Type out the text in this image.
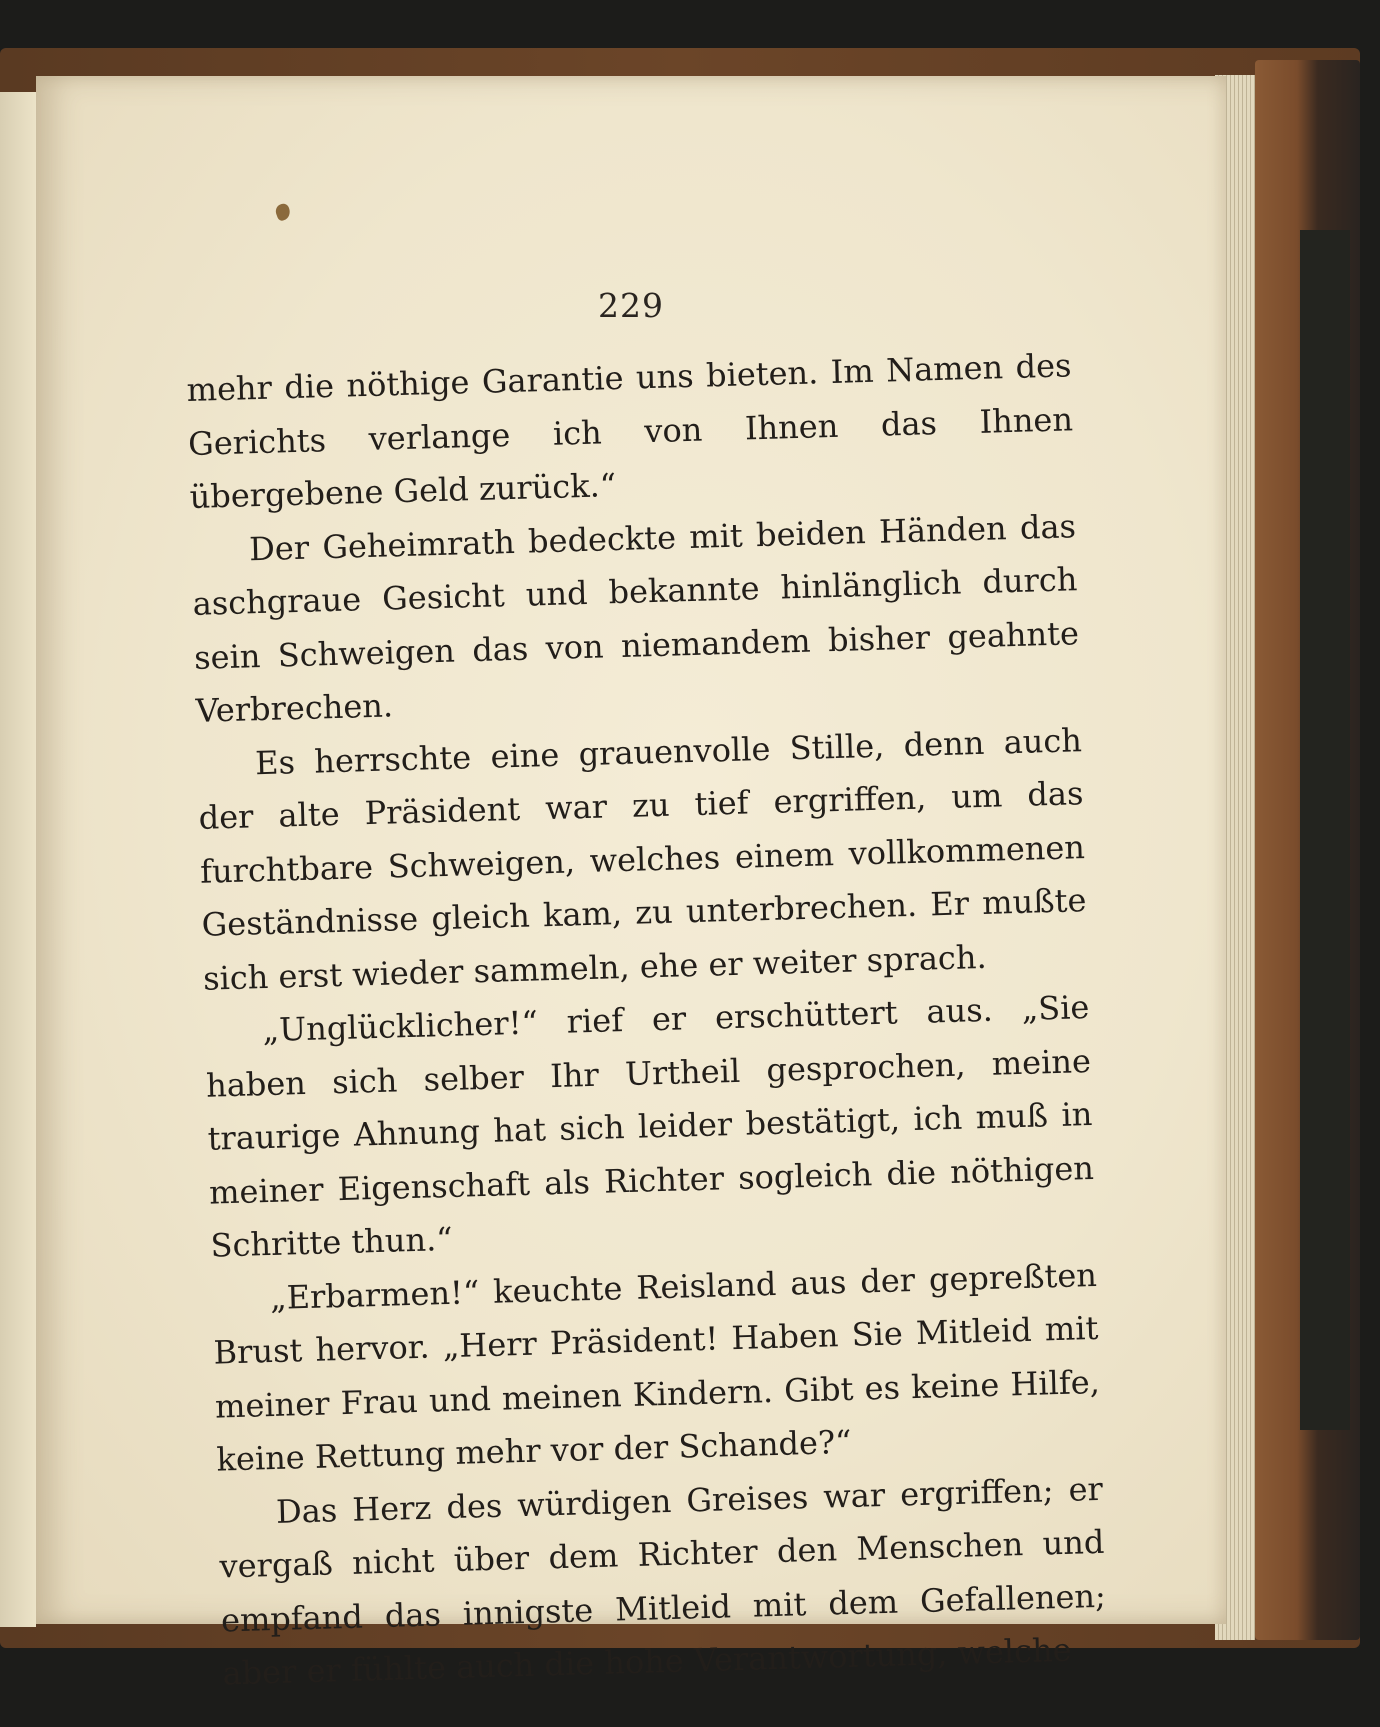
229

mehr die nöthige Garantie uns bieten. Im Namen des Gerichts verlange ich von Ihnen das Ihnen übergebene Geld zurück.“

Der Geheimrath bedeckte mit beiden Händen das aschgraue Gesicht und bekannte hinlänglich durch sein Schweigen das von niemandem bisher geahnte Verbrechen.

Es herrschte eine grauenvolle Stille, denn auch der alte Präsident war zu tief ergriffen, um das furchtbare Schweigen, welches einem vollkommenen Geständnisse gleich kam, zu unterbrechen. Er mußte sich erst wieder sammeln, ehe er weiter sprach.

„Unglücklicher!“ rief er erschüttert aus. „Sie haben sich selber Ihr Urtheil gesprochen, meine traurige Ahnung hat sich leider bestätigt, ich muß in meiner Eigenschaft als Richter sogleich die nöthigen Schritte thun.“

„Erbarmen!“ keuchte Reisland aus der gepreßten Brust hervor. „Herr Präsident! Haben Sie Mitleid mit meiner Frau und meinen Kindern. Gibt es keine Hilfe, keine Rettung mehr vor der Schande?“

Das Herz des würdigen Greises war ergriffen; er vergaß nicht über dem Richter den Menschen und empfand das innigste Mitleid mit dem Gefallenen; aber er fühlte auch die hohe Verantwortung, welche
